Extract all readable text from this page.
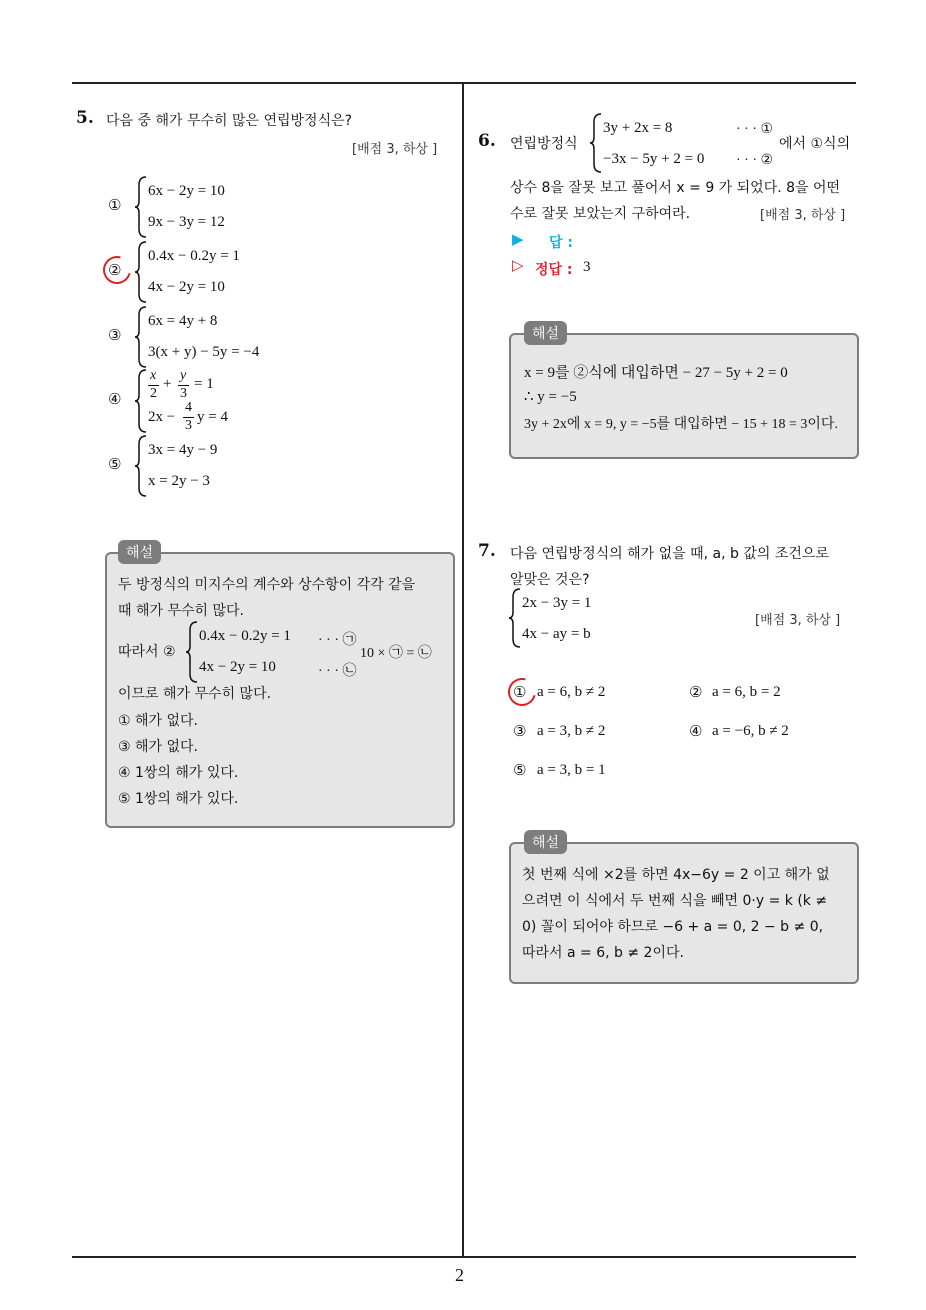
2
5. 다음 중 해가 무수히 많은 연립방정식은?
[배점 3, 하상 ]
①
6x − 2y = 10
9x − 3y = 12
②
0.4x − 0.2y = 1
4x − 2y = 10
③
6x = 4y + 8
3(x + y) − 5y = −4
④
x
2
+
y
3
= 1
2x −
4
3
y = 4
⑤
3x = 4y − 9
x = 2y − 3
해설
두 방정식의 미지수의 계수와 상수항이 각각 같을
때 해가 무수히 많다.
따라서 ②
0.4x − 0.2y = 1 · · · ㉠
4x − 2y = 10	· · · ㉡
10 × ㉠ = ㉡
이므로 해가 무수히 많다.
① 해가 없다.
③ 해가 없다.
④ 1쌍의 해가 있다.
⑤ 1쌍의 해가 있다.
6. 연립방정식
3y + 2x = 8	· · · ①
−3x − 5y + 2 = 0 · · · ②
에서 ①식의
상수 8을 잘못 보고 풀어서 x = 9 가 되었다. 8을 어떤
수로 잘못 보았는지 구하여라.	[배점 3, 하상 ]
▶ 답 :
▷ 정답 : 3
해설
x = 9를 ②식에 대입하면 − 27 − 5y + 2 = 0
∴ y = −5
3y + 2x에 x = 9, y = −5를 대입하면 − 15 + 18 = 3이다.
7. 다음 연립방정식의 해가 없을 때, a, b 값의 조건으로
알맞은 것은?
2x − 3y = 1
4x − ay = b
[배점 3, 하상 ]
① a = 6, b ≠ 2	② a = 6, b = 2
③ a = 3, b ≠ 2	④ a = −6, b ≠ 2
⑤ a = 3, b = 1
해설
첫 번째 식에 ×2를 하면 4x−6y = 2 이고 해가 없
으려면 이 식에서 두 번째 식을 빼면 0·y = k (k ≠
0) 꼴이 되어야 하므로 −6 + a = 0, 2 − b ≠ 0,
따라서 a = 6, b ≠ 2이다.
